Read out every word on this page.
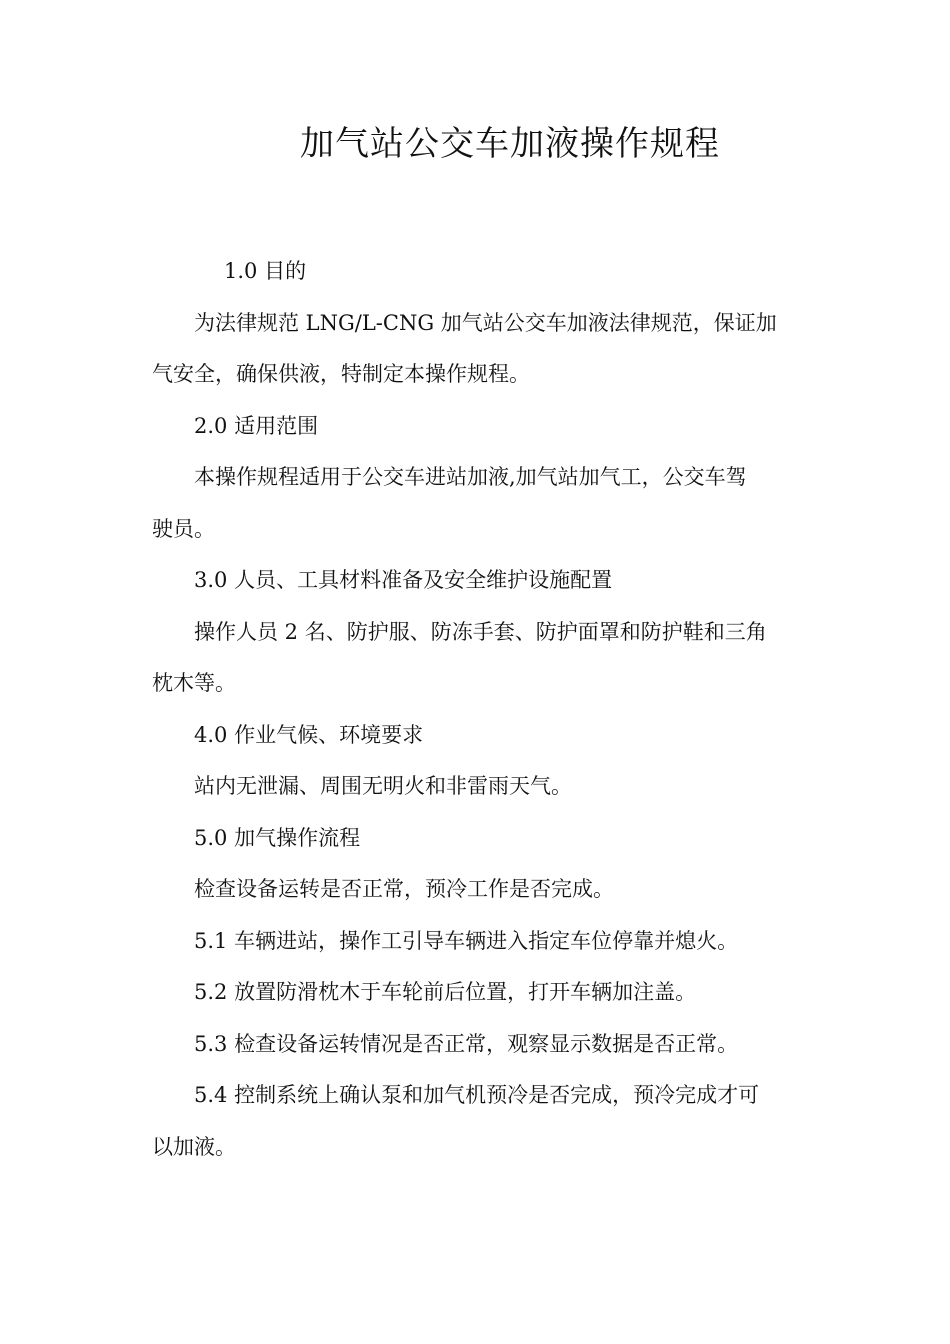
加气站公交车加液操作规程

1.0 目的

为法律规范 LNG/L-CNG 加气站公交车加液法律规范，保证加

气安全，确保供液，特制定本操作规程。

2.0 适用范围

本操作规程适用于公交车进站加液,加气站加气工，公交车驾

驶员。

3.0 人员、工具材料准备及安全维护设施配置

操作人员 2 名、防护服、防冻手套、防护面罩和防护鞋和三角

枕木等。

4.0 作业气候、环境要求

站内无泄漏、周围无明火和非雷雨天气。

5.0 加气操作流程

检查设备运转是否正常，预冷工作是否完成。

5.1 车辆进站，操作工引导车辆进入指定车位停靠并熄火。

5.2 放置防滑枕木于车轮前后位置，打开车辆加注盖。

5.3 检查设备运转情况是否正常，观察显示数据是否正常。

5.4 控制系统上确认泵和加气机预冷是否完成，预冷完成才可

以加液。
